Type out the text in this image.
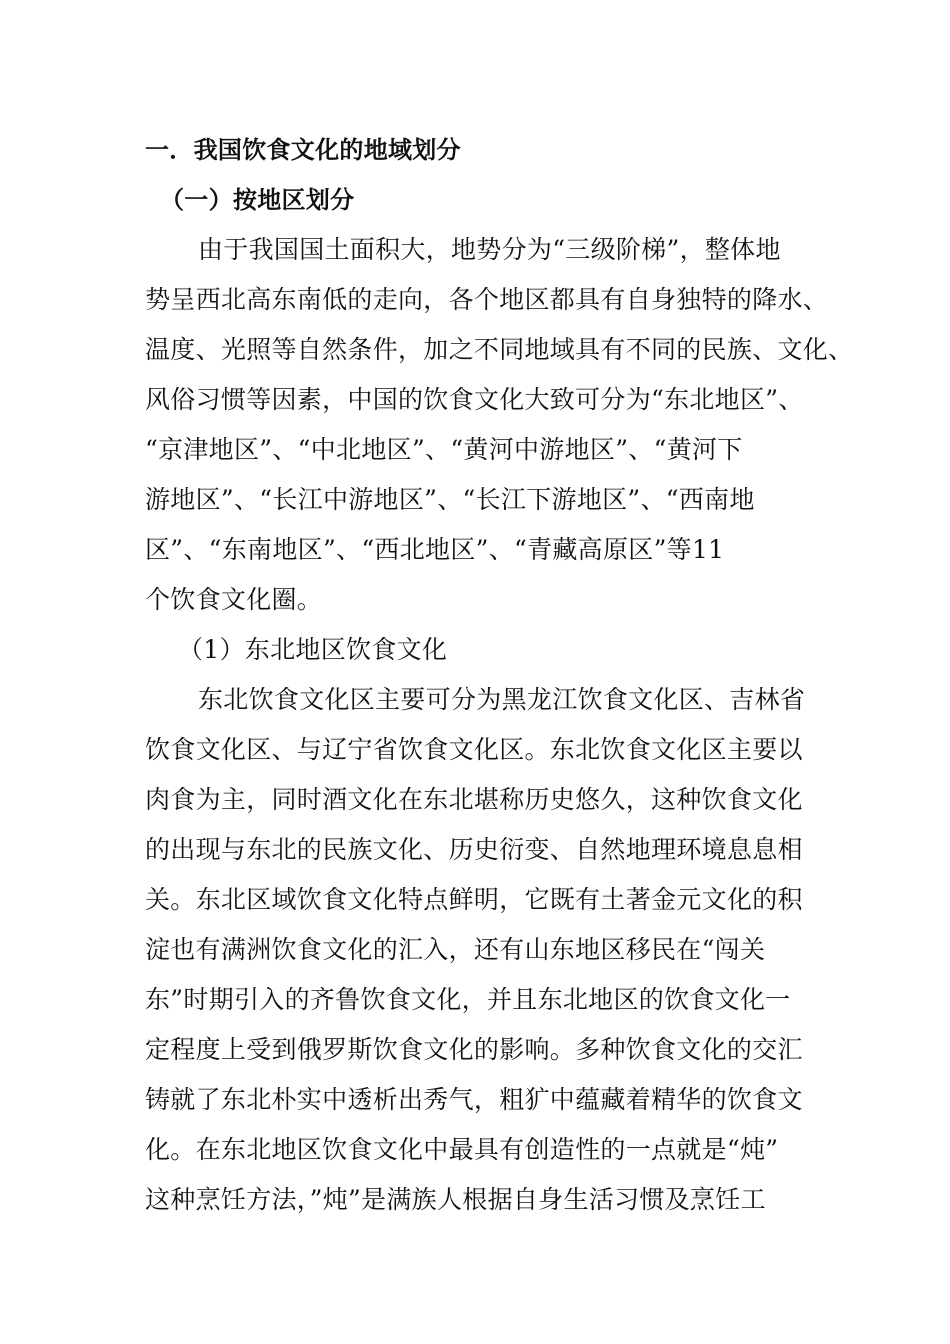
一．我国饮食文化的地域划分
（一）按地区划分
由于我国国土面积大，地势分为“三级阶梯”，整体地
势呈西北高东南低的走向，各个地区都具有自身独特的降水、
温度、光照等自然条件，加之不同地域具有不同的民族、文化、
风俗习惯等因素，中国的饮食文化大致可分为“东北地区”、
“京津地区”、“中北地区”、“黄河中游地区”、“黄河下
游地区”、“长江中游地区”、“长江下游地区”、“西南地
区”、“东南地区”、“西北地区”、“青藏高原区”等11
个饮食文化圈。
（1）东北地区饮食文化
东北饮食文化区主要可分为黑龙江饮食文化区、吉林省
饮食文化区、与辽宁省饮食文化区。东北饮食文化区主要以
肉食为主，同时酒文化在东北堪称历史悠久，这种饮食文化
的出现与东北的民族文化、历史衍变、自然地理环境息息相
关。东北区域饮食文化特点鲜明，它既有土著金元文化的积
淀也有满洲饮食文化的汇入，还有山东地区移民在“闯关
东”时期引入的齐鲁饮食文化，并且东北地区的饮食文化一
定程度上受到俄罗斯饮食文化的影响。多种饮食文化的交汇
铸就了东北朴实中透析出秀气，粗犷中蕴藏着精华的饮食文
化。在东北地区饮食文化中最具有创造性的一点就是“炖”
这种烹饪方法，”炖”是满族人根据自身生活习惯及烹饪工
